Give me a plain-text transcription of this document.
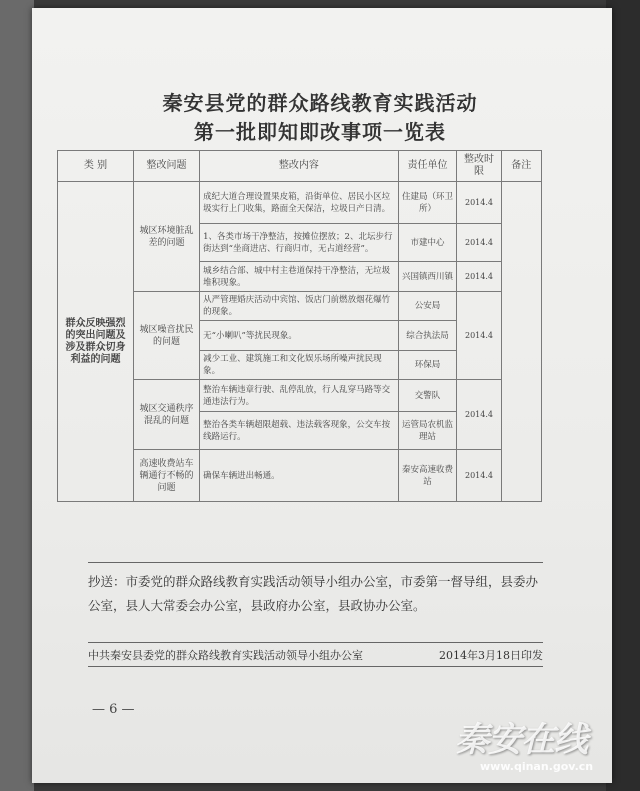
秦安县党的群众路线教育实践活动
第一批即知即改事项一览表
类 别	整改问题	整改内容	责任单位	整改时限	备注
群众反映强烈的突出问题及涉及群众切身利益的问题	城区环境脏乱差的问题	成纪大道合理设置果皮箱，沿街单位、居民小区垃圾实行上门收集，路面全天保洁，垃圾日产日清。	住建局（环卫所）	2014.4	
		1、各类市场干净整洁，按摊位摆放；2、北坛步行街达到“坐商进店、行商归市，无占道经营”。	市建中心	2014.4	
		城乡结合部、城中村主巷道保持干净整洁，无垃圾堆积现象。	兴国镇西川镇	2014.4	
	城区噪音扰民的问题	从严管理婚庆活动中宾馆、饭店门前燃放烟花爆竹的现象。	公安局	2014.4	
		无“小喇叭”等扰民现象。	综合执法局		
		减少工业、建筑施工和文化娱乐场所噪声扰民现象。	环保局		
	城区交通秩序混乱的问题	整治车辆违章行驶、乱停乱放，行人乱穿马路等交通违法行为。	交警队	2014.4	
		整治各类车辆超限超载、违法载客现象，公交车按线路运行。	运管局农机监理站		
	高速收费站车辆通行不畅的问题	确保车辆进出畅通。	秦安高速收费站	2014.4	
抄送：市委党的群众路线教育实践活动领导小组办公室，市委第一督导组，县委办公室，县人大常委会办公室，县政府办公室，县政协办公室。
中共秦安县委党的群众路线教育实践活动领导小组办公室	2014年3月18日印发
— 6 —
秦安在线
www.qinan.gov.cn
